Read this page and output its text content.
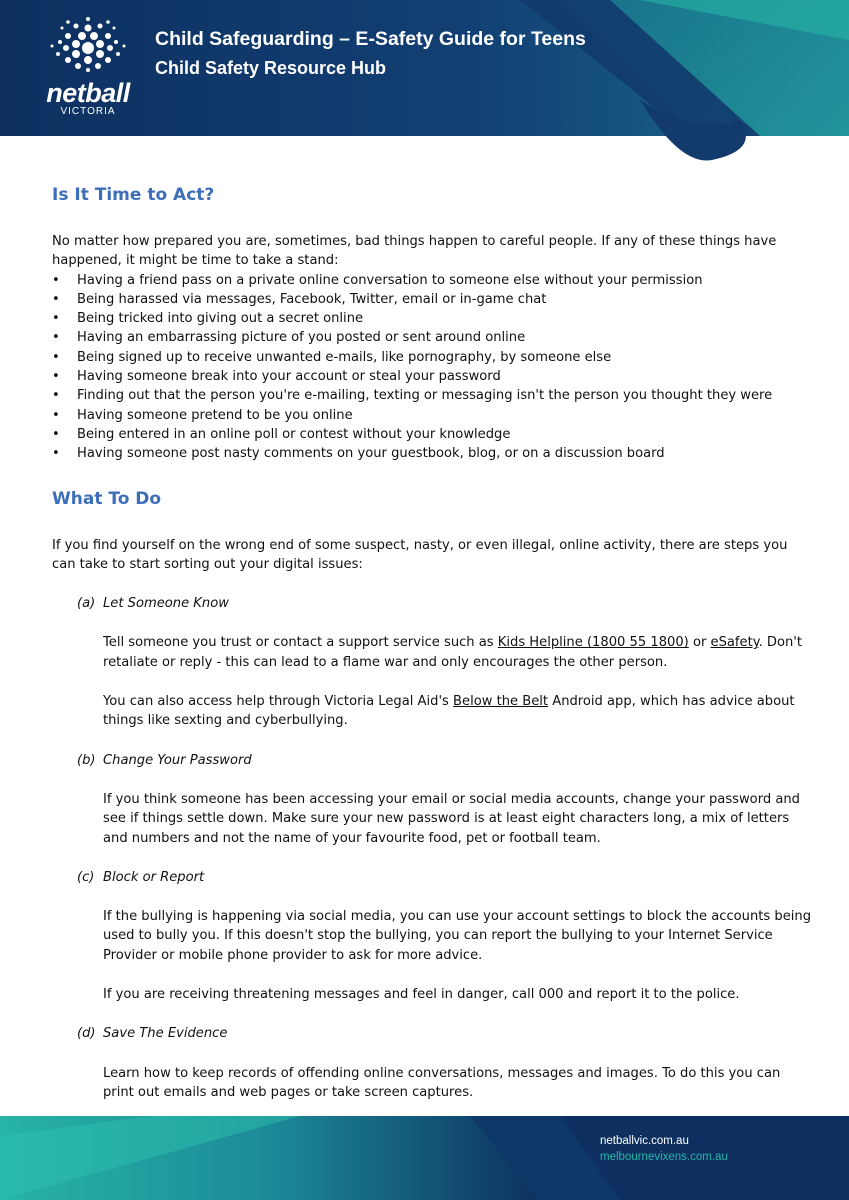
netball
VICTORIA
Child Safeguarding – E-Safety Guide for Teens
Child Safety Resource Hub
Is It Time to Act?

No matter how prepared you are, sometimes, bad things happen to careful people. If any of these things have happened, it might be time to take a stand:

• Having a friend pass on a private online conversation to someone else without your permission
• Being harassed via messages, Facebook, Twitter, email or in-game chat
• Being tricked into giving out a secret online
• Having an embarrassing picture of you posted or sent around online
• Being signed up to receive unwanted e-mails, like pornography, by someone else
• Having someone break into your account or steal your password
• Finding out that the person you're e-mailing, texting or messaging isn't the person you thought they were
• Having someone pretend to be you online
• Being entered in an online poll or contest without your knowledge
• Having someone post nasty comments on your guestbook, blog, or on a discussion board
What To Do

If you find yourself on the wrong end of some suspect, nasty, or even illegal, online activity, there are steps you can take to start sorting out your digital issues:

(a) Let Someone Know

Tell someone you trust or contact a support service such as Kids Helpline (1800 55 1800) or eSafety. Don't retaliate or reply - this can lead to a flame war and only encourages the other person.

You can also access help through Victoria Legal Aid's Below the Belt Android app, which has advice about things like sexting and cyberbullying.

(b) Change Your Password

If you think someone has been accessing your email or social media accounts, change your password and see if things settle down. Make sure your new password is at least eight characters long, a mix of letters and numbers and not the name of your favourite food, pet or football team.

(c) Block or Report

If the bullying is happening via social media, you can use your account settings to block the accounts being used to bully you. If this doesn't stop the bullying, you can report the bullying to your Internet Service Provider or mobile phone provider to ask for more advice.

If you are receiving threatening messages and feel in danger, call 000 and report it to the police.

(d) Save The Evidence

Learn how to keep records of offending online conversations, messages and images. To do this you can print out emails and web pages or take screen captures.

netballvic.com.au
melbournevixens.com.au
